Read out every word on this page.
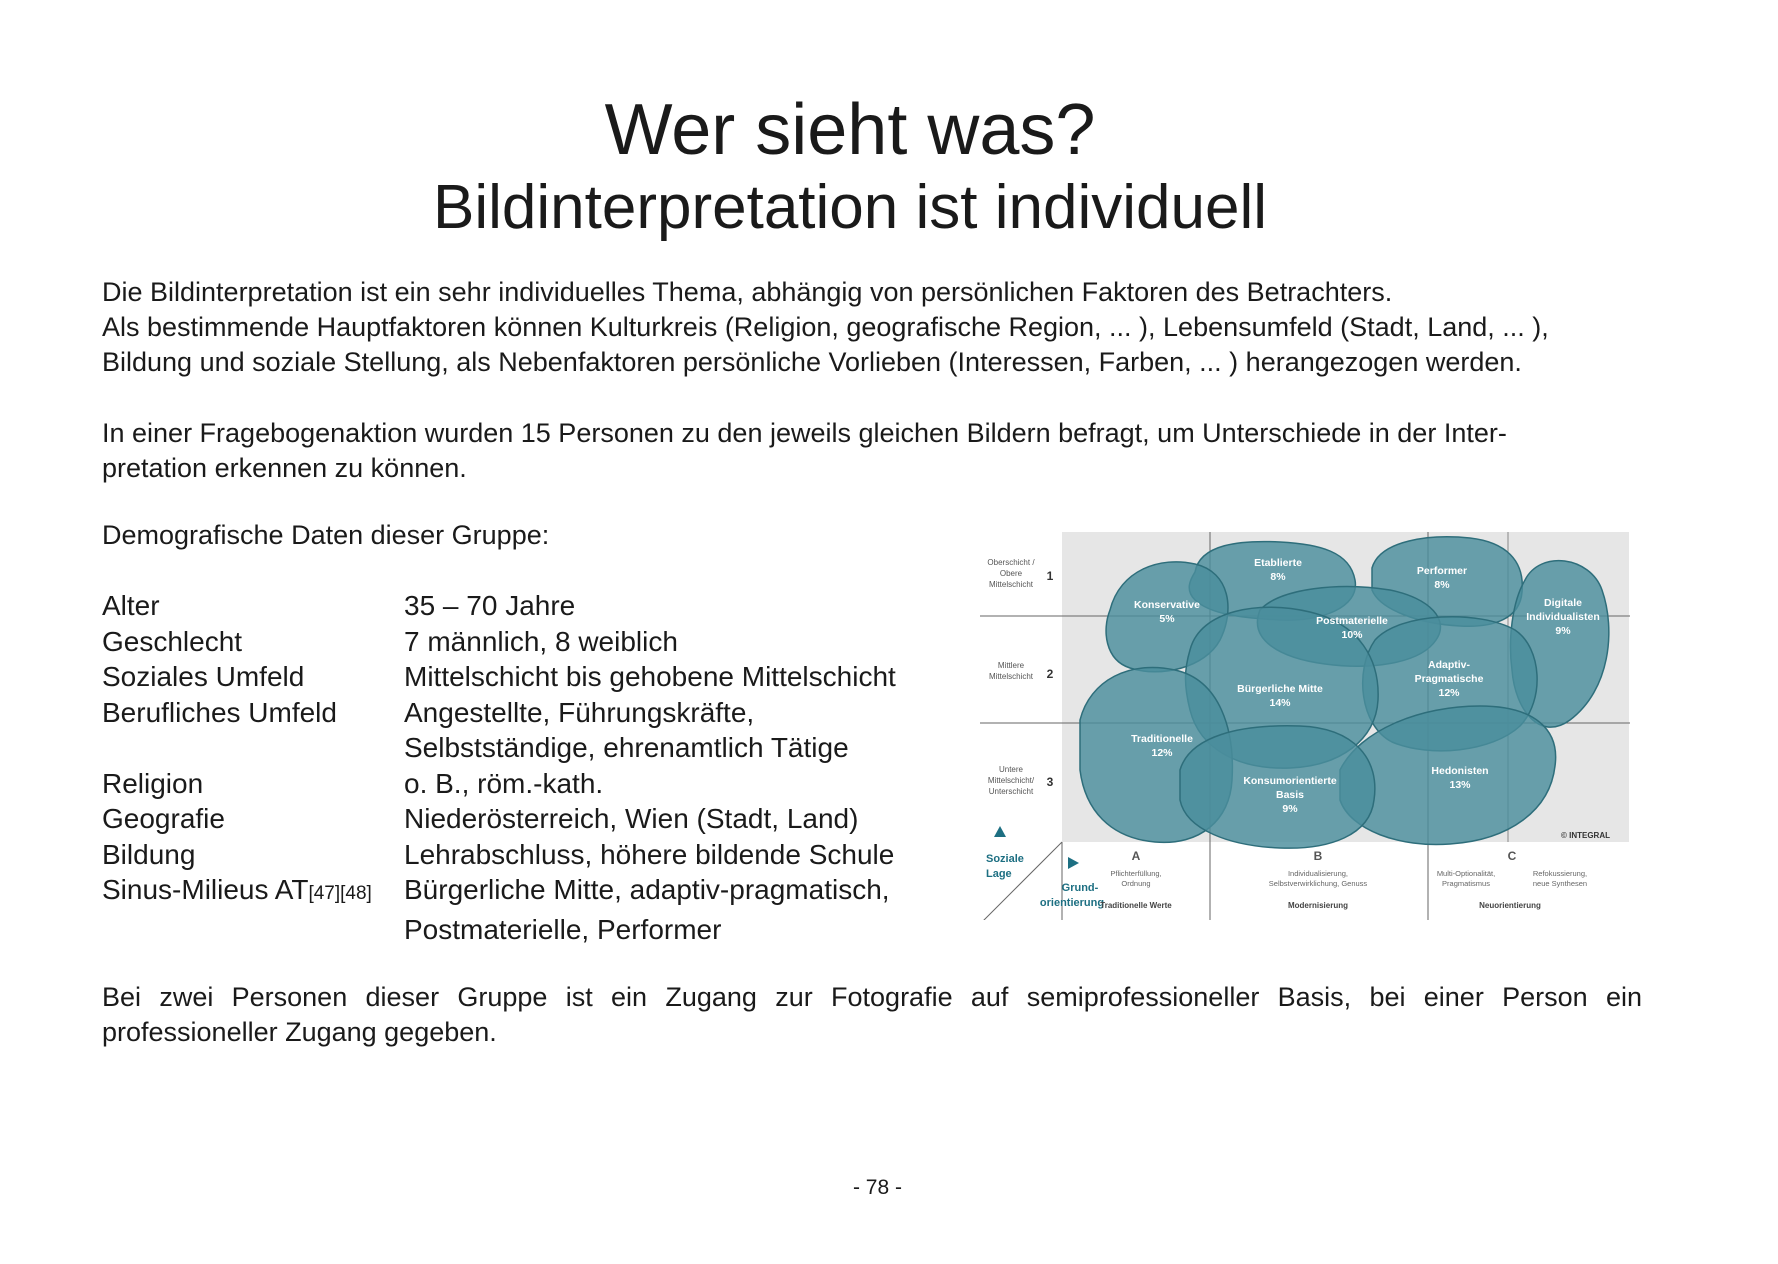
Wer sieht was?
Bildinterpretation ist individuell
Die Bildinterpretation ist ein sehr individuelles Thema, abhängig von persönlichen Faktoren des Betrachters.
Als bestimmende Hauptfaktoren können Kulturkreis (Religion, geografische Region, ... ), Lebensumfeld (Stadt, Land, ... ),
Bildung und soziale Stellung, als Nebenfaktoren persönliche Vorlieben (Interessen, Farben, ... ) herangezogen werden.
In einer Fragebogenaktion wurden 15 Personen zu den jeweils gleichen Bildern befragt, um Unterschiede in der Inter-
pretation erkennen zu können.
Demografische Daten dieser Gruppe:
Alter	35 – 70 Jahre
Geschlecht	7 männlich, 8 weiblich
Soziales Umfeld	Mittelschicht bis gehobene Mittelschicht
Berufliches Umfeld	Angestellte, Führungskräfte,
Selbstständige, ehrenamtlich Tätige
Religion	o. B., röm.-kath.
Geografie	Niederösterreich, Wien (Stadt, Land)
Bildung	Lehrabschluss, höhere bildende Schule
Sinus-Milieus AT[47][48]	Bürgerliche Mitte, adaptiv-pragmatisch,
Postmaterielle, Performer
Etablierte
8%	Performer
8%
Konservative
5%	Postmaterielle
10%
Digitale
Individualisten
9%
Adaptiv-
Pragmatische
12%
Bürgerliche Mitte
14%
Traditionelle
12%
Hedonisten
13%
Konsumorientierte
Basis
9%
© INTEGRAL
Oberschicht /
Obere
Mittelschicht
Mittlere
Mittelschicht
Untere
Mittelschicht/
Unterschicht
1
2
3
Soziale
Lage
Grund-
orientierung
A	B	C
Pflichterfüllung,
Ordnung
Individualisierung,
Selbstverwirklichung, Genuss
Multi-Optionalität,
Pragmatismus
Refokussierung,
neue Synthesen
Traditionelle Werte	Modernisierung	Neuorientierung

Bei zwei Personen dieser Gruppe ist ein Zugang zur Fotografie auf semiprofessioneller Basis, bei einer Person ein professioneller Zugang gegeben.

- 78 -
